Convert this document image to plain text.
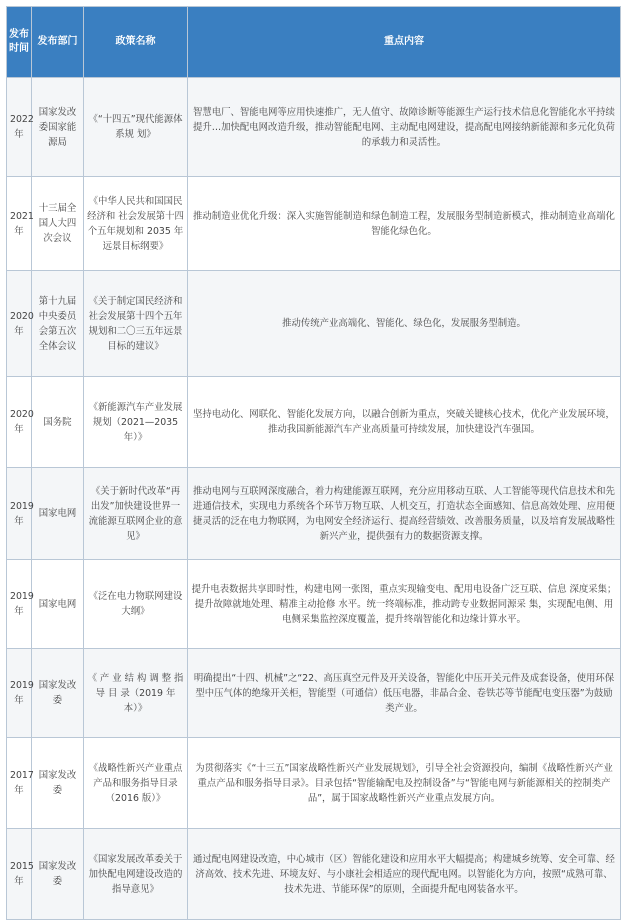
发布时间	发布部门	政策名称	重点内容
2022年	国家发改委国家能源局	《“十四五”现代能源体系规 划》	智慧电厂、智能电网等应用快速推广，无人值守、故障诊断等能源生产运行技术信息化智能化水平持续提升…加快配电网改造升级，推动智能配电网、主动配电网建设，提高配电网接纳新能源和多元化负荷的承载力和灵活性。
2021年	十三届全国人大四次会议	《中华人民共和国国民经济和 社会发展第十四个五年规划和 2035 年远景目标纲要》	推动制造业优化升级：深入实施智能制造和绿色制造工程，发展服务型制造新模式，推动制造业高端化智能化绿色化。
2020年	第十九届中央委员会第五次全体会议	《关于制定国民经济和社会发展第十四个五年规划和二〇三五年远景目标的建议》	推动传统产业高端化、智能化、绿色化，发展服务型制造。
2020年	国务院	《新能源汽车产业发展规划（2021—2035 年）》	坚持电动化、网联化、智能化发展方向，以融合创新为重点，突破关键核心技术，优化产业发展环境，推动我国新能源汽车产业高质量可持续发展，加快建设汽车强国。
2019年	国家电网	《关于新时代改革“再出发”加快建设世界一流能源互联网企业的意见》	推动电网与互联网深度融合，着力构建能源互联网，充分应用移动互联、人工智能等现代信息技术和先进通信技术，实现电力系统各个环节万物互联、人机交互，打造状态全面感知、信息高效处理、应用便捷灵活的泛在电力物联网，为电网安全经济运行、提高经营绩效、改善服务质量，以及培育发展战略性新兴产业，提供强有力的数据资源支撑。
2019年	国家电网	《泛在电力物联网建设 大纲》	提升电表数据共享即时性，构建电网一张图，重点实现输变电、配用电设备广泛互联、信息 深度采集；提升故障就地处理、精准主动抢修 水平。统一终端标准，推动跨专业数据同源采 集，实现配电侧、用电侧采集监控深度覆盖，提升终端智能化和边缘计算水平。
2019年	国家发改委	《 产 业 结 构 调 整 指 导 目 录（2019 年本）》	明确提出“十四、机械”之“22、高压真空元件及开关设备，智能化中压开关元件及成套设备，使用环保型中压气体的绝缘开关柜，智能型（可通信）低压电器，非晶合金、卷铁芯等节能配电变压器”为鼓励类产业。
2017年	国家发改委	《战略性新兴产业重点产品和服务指导目录（2016 版）》	为贯彻落实《“十三五”国家战略性新兴产业发展规划》，引导全社会资源投向，编制《战略性新兴产业重点产品和服务指导目录》。目录包括“智能输配电及控制设备”与“智能电网与新能源相关的控制类产品”，属于国家战略性新兴产业重点发展方向。
2015年	国家发改委	《国家发展改革委关于加快配电网建设改造的指导意见》	通过配电网建设改造，中心城市（区）智能化建设和应用水平大幅提高；构建城乡统筹、安全可靠、经济高效、技术先进、环境友好、与小康社会相适应的现代配电网。以智能化为方向，按照“成熟可靠、技术先进、节能环保”的原则，全面提升配电网装备水平。
